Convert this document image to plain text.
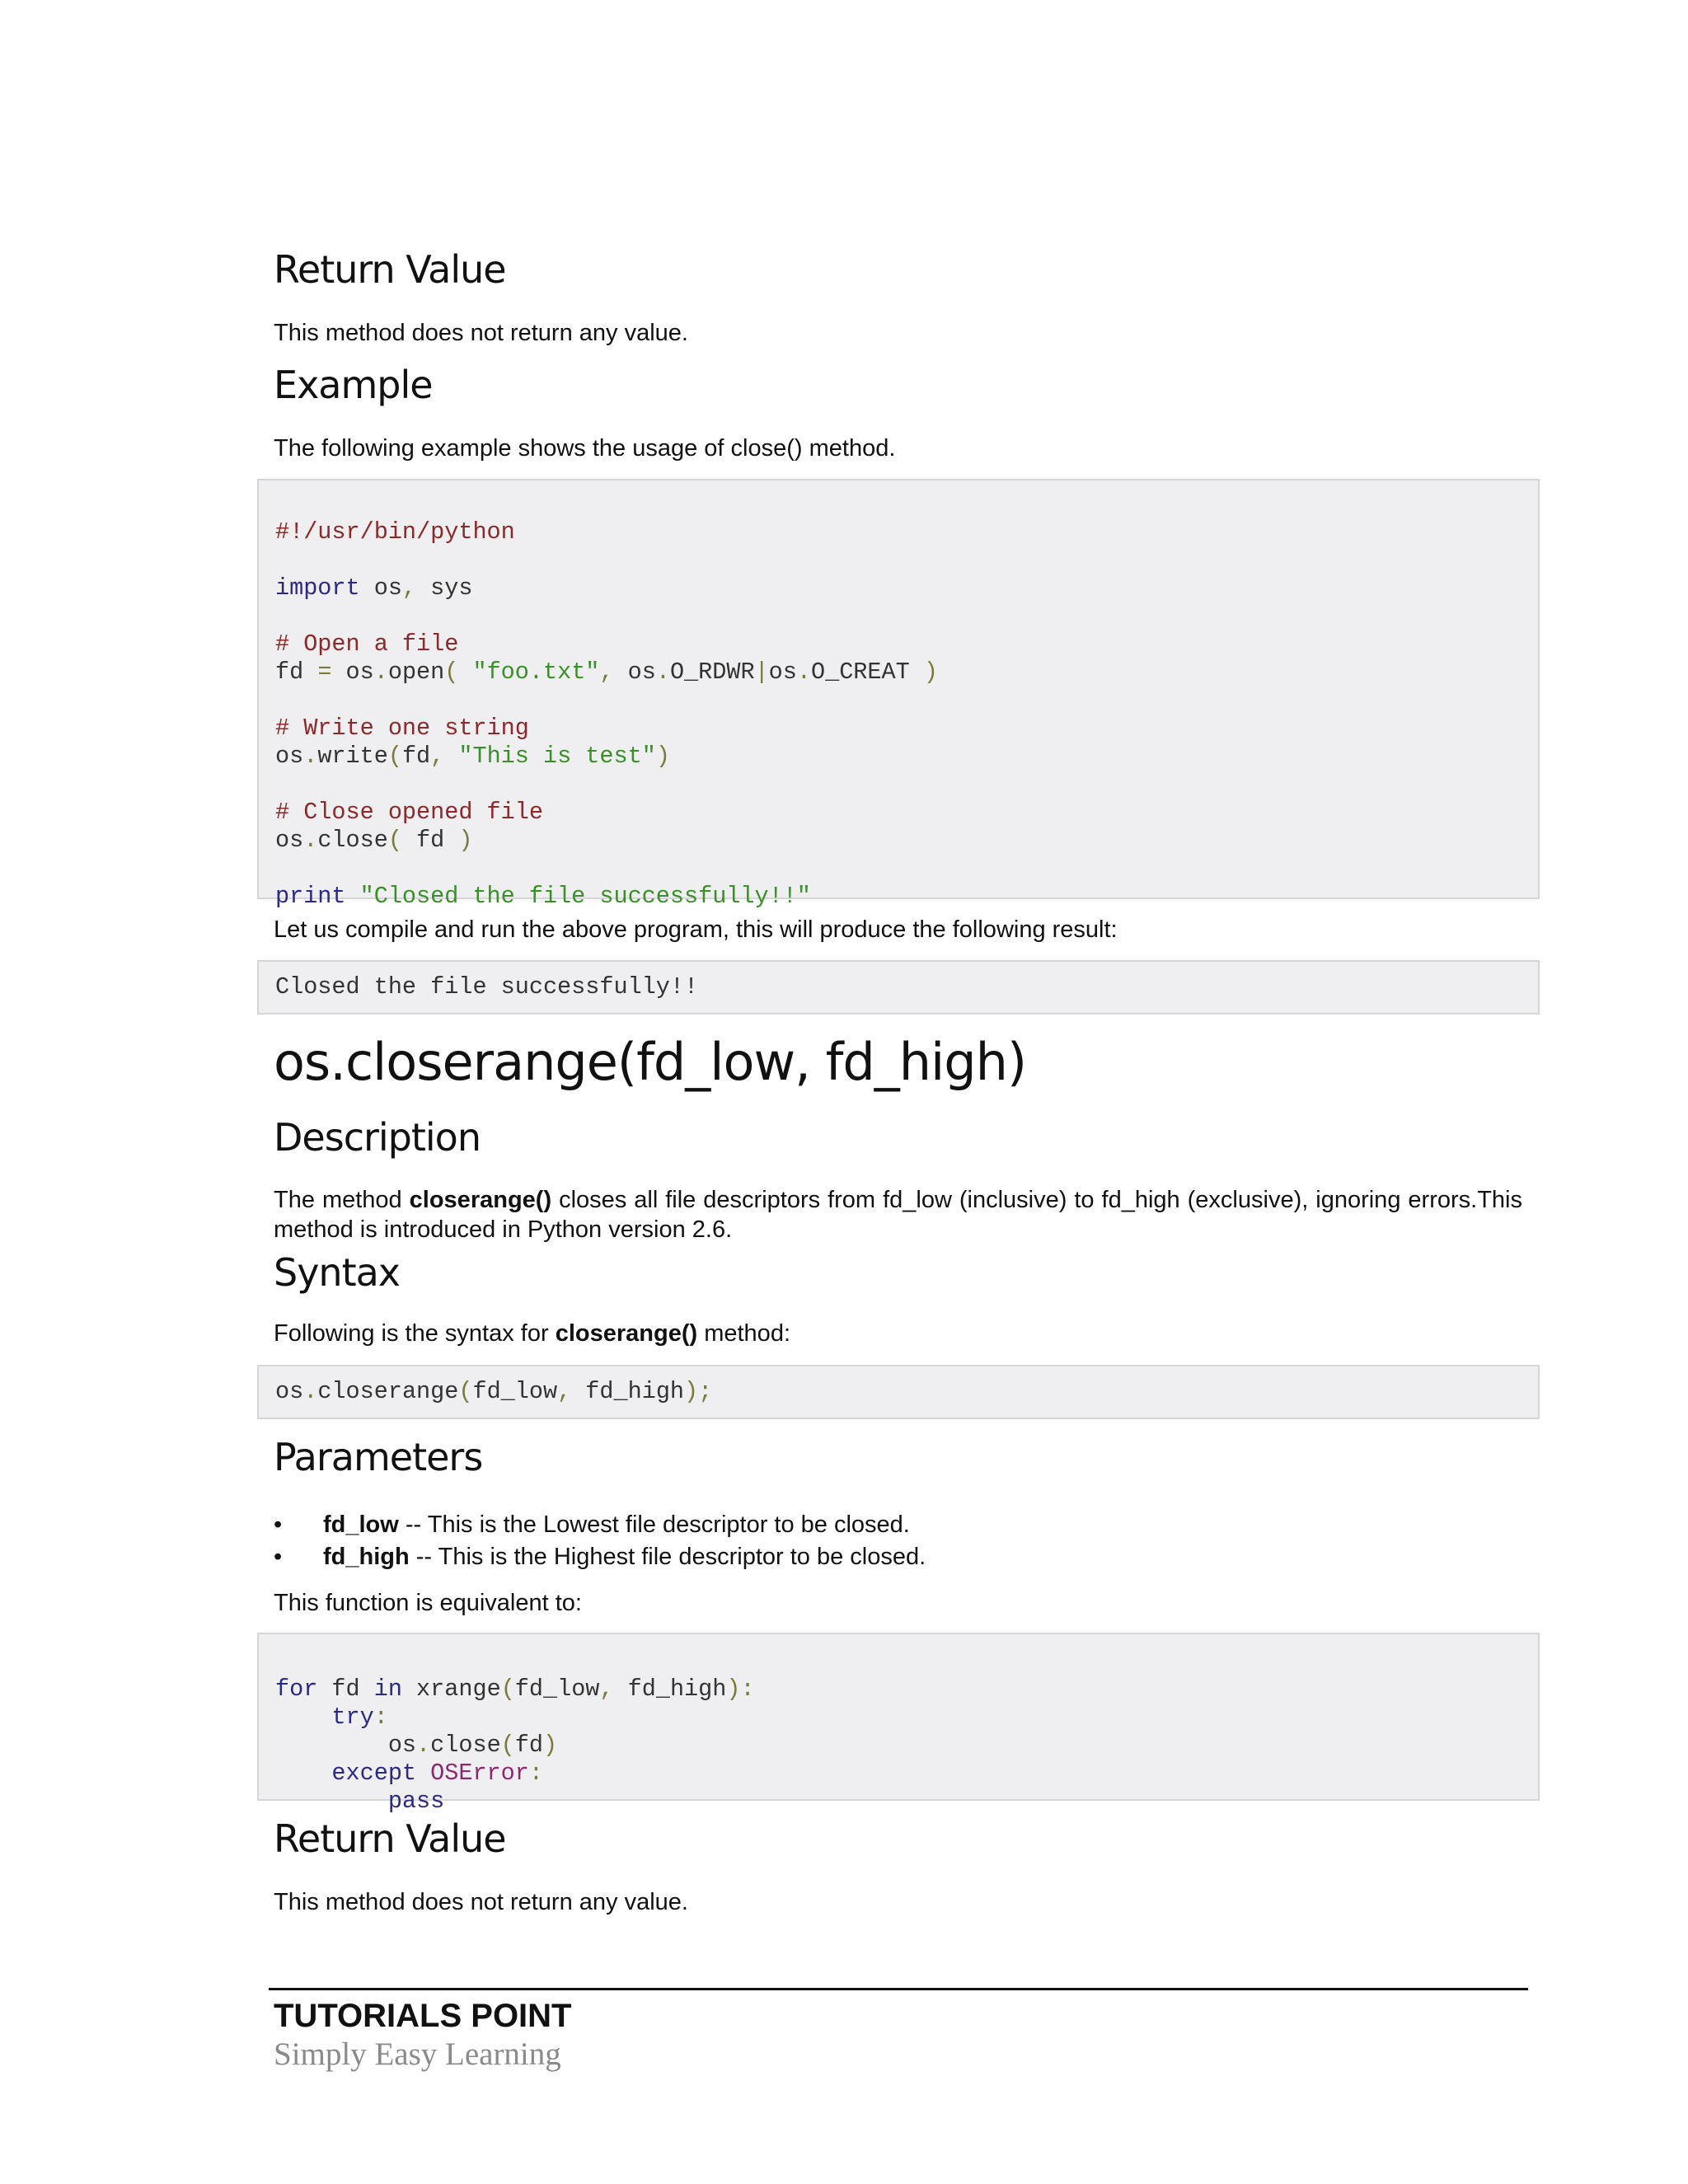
Return Value

This method does not return any value.

Example

The following example shows the usage of close() method.

#!/usr/bin/python
import os, sys
# Open a file
fd = os.open( "foo.txt", os.O_RDWR|os.O_CREAT )
# Write one string
os.write(fd, "This is test")
# Close opened file
os.close( fd )
print "Closed the file successfully!!"

Let us compile and run the above program, this will produce the following result:

Closed the file successfully!!
os.closerange(fd_low, fd_high)
Description

The method closerange() closes all file descriptors from fd_low (inclusive) to fd_high (exclusive), ignoring errors.This method is introduced in Python version 2.6.

Syntax

Following is the syntax for closerange() method:

os.closerange(fd_low, fd_high);
Parameters
• fd_low -- This is the Lowest file descriptor to be closed.
• fd_high -- This is the Highest file descriptor to be closed.

This function is equivalent to:

for fd in xrange(fd_low, fd_high):
try:
os.close(fd)
except OSError:
pass
Return Value

This method does not return any value.

TUTORIALS POINT
Simply Easy Learning
